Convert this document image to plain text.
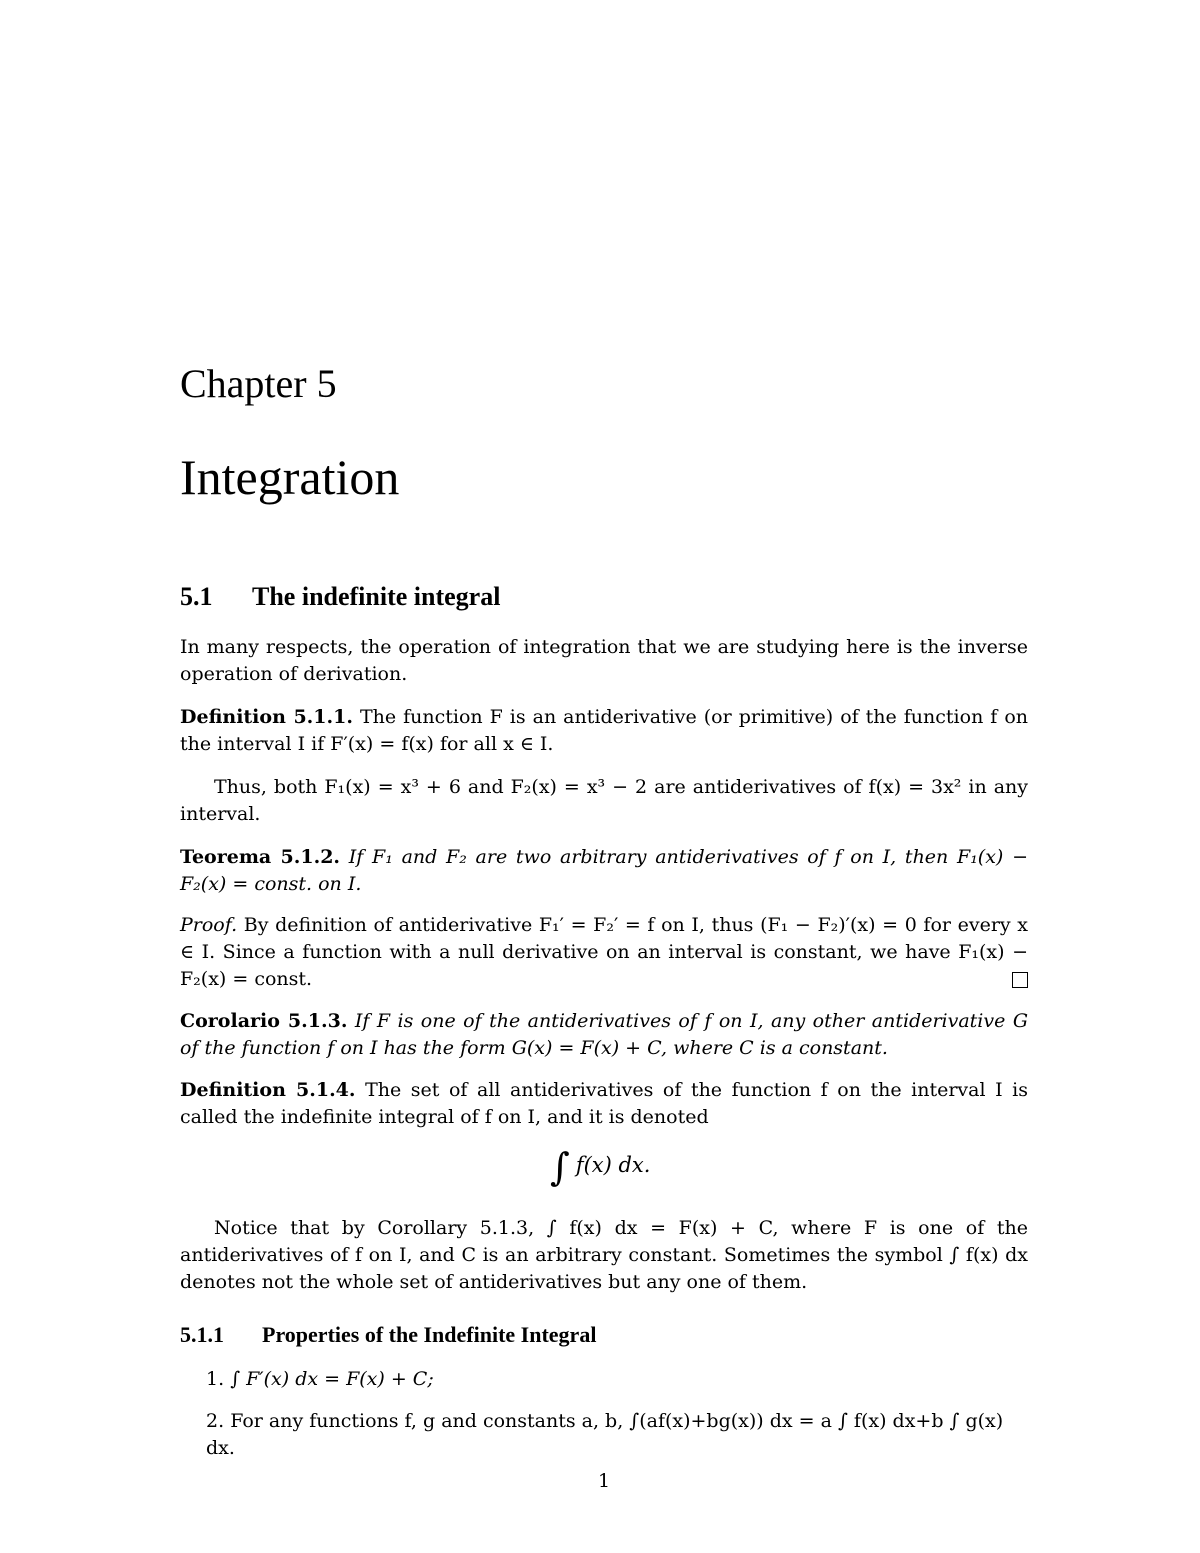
Chapter 5
Integration
5.1 The indefinite integral

In many respects, the operation of integration that we are studying here is the inverse operation of derivation.

Definition 5.1.1. The function F is an antiderivative (or primitive) of the function f on the interval I if F′(x) = f(x) for all x ∈ I.

Thus, both F₁(x) = x³ + 6 and F₂(x) = x³ − 2 are antiderivatives of f(x) = 3x² in any interval.

Teorema 5.1.2. If F₁ and F₂ are two arbitrary antiderivatives of f on I, then F₁(x) − F₂(x) = const. on I.

Proof. By definition of antiderivative F₁′ = F₂′ = f on I, thus (F₁ − F₂)′(x) = 0 for every x ∈ I. Since a function with a null derivative on an interval is constant, we have F₁(x) − F₂(x) = const.

Corolario 5.1.3. If F is one of the antiderivatives of f on I, any other antiderivative G of the function f on I has the form G(x) = F(x) + C, where C is a constant.

Definition 5.1.4. The set of all antiderivatives of the function f on the interval I is called the indefinite integral of f on I, and it is denoted

∫ f(x) dx.

Notice that by Corollary 5.1.3, ∫ f(x) dx = F(x) + C, where F is one of the antiderivatives of f on I, and C is an arbitrary constant. Sometimes the symbol ∫ f(x) dx denotes not the whole set of antiderivatives but any one of them.

5.1.1 Properties of the Indefinite Integral
1. ∫ F′(x) dx = F(x) + C;
2. For any functions f, g and constants a, b, ∫(af(x)+bg(x)) dx = a ∫ f(x) dx+b ∫ g(x) dx.
1
